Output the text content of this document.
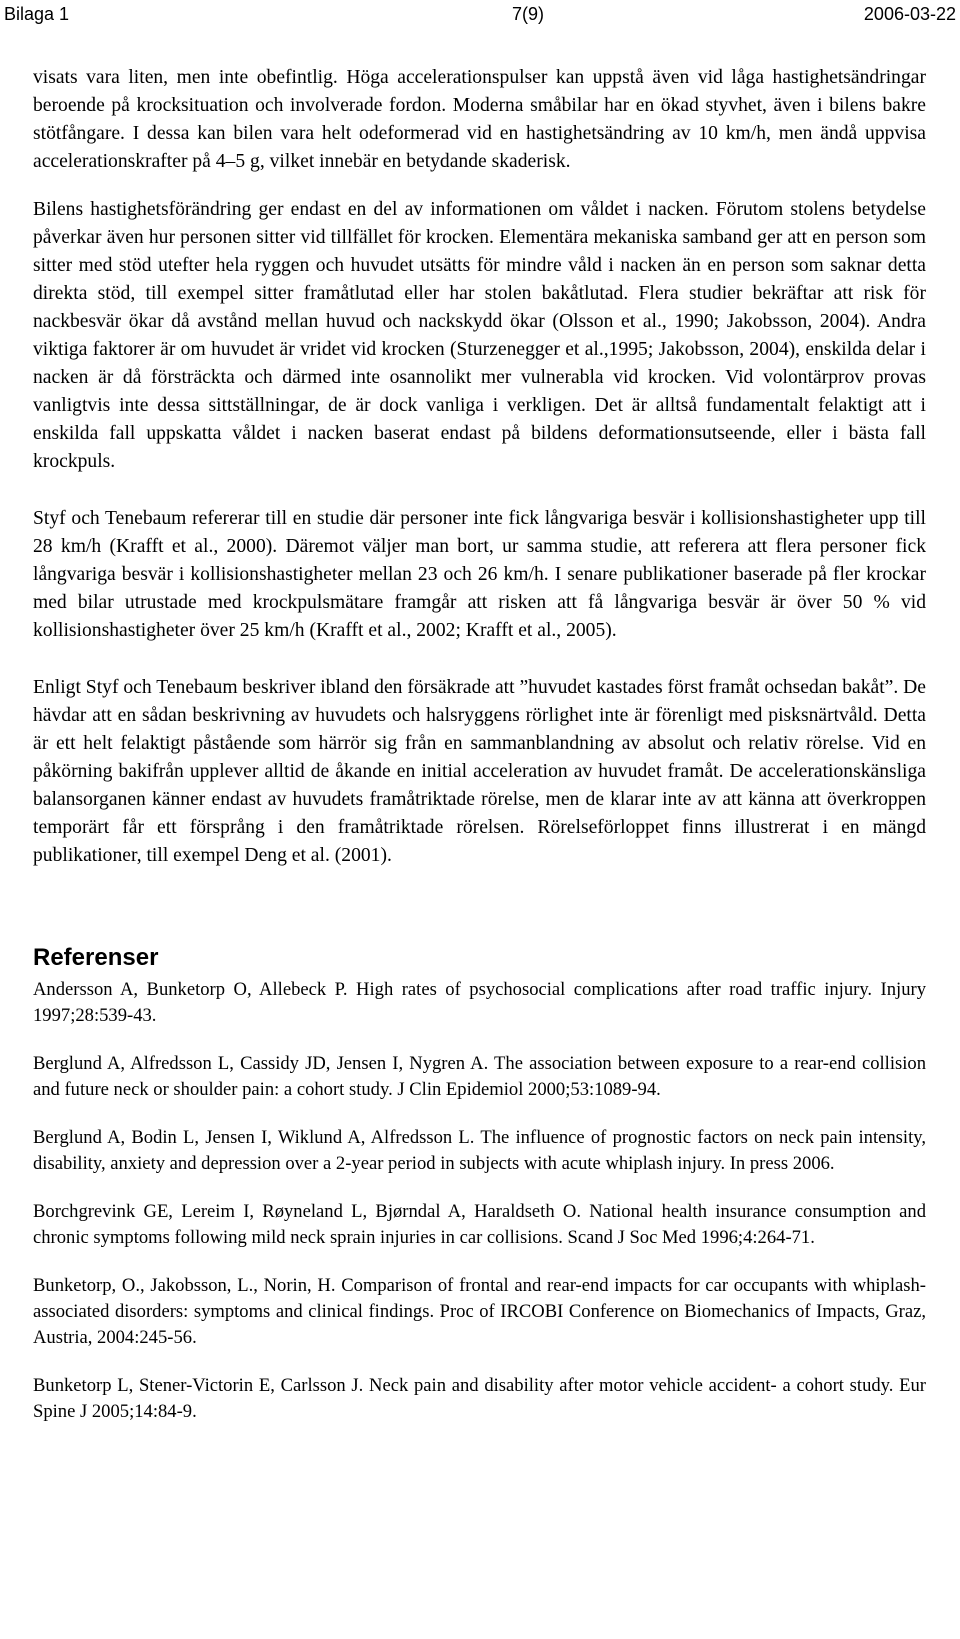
Bilaga 1	7(9)	2006-03-22

visats vara liten, men inte obefintlig. Höga accelerationspulser kan uppstå även vid låga hastighetsändringar beroende på krocksituation och involverade fordon. Moderna småbilar har en ökad styvhet, även i bilens bakre stötfångare. I dessa kan bilen vara helt odeformerad vid en hastighetsändring av 10 km/h, men ändå uppvisa accelerationskrafter på 4–5 g, vilket innebär en betydande skaderisk.

Bilens hastighetsförändring ger endast en del av informationen om våldet i nacken. Förutom stolens betydelse påverkar även hur personen sitter vid tillfället för krocken. Elementära mekaniska samband ger att en person som sitter med stöd utefter hela ryggen och huvudet utsätts för mindre våld i nacken än en person som saknar detta direkta stöd, till exempel sitter framåtlutad eller har stolen bakåtlutad. Flera studier bekräftar att risk för nackbesvär ökar då avstånd mellan huvud och nackskydd ökar (Olsson et al., 1990; Jakobsson, 2004). Andra viktiga faktorer är om huvudet är vridet vid krocken (Sturzenegger et al.,1995; Jakobsson, 2004), enskilda delar i nacken är då försträckta och därmed inte osannolikt mer vulnerabla vid krocken. Vid volontärprov provas vanligtvis inte dessa sittställningar, de är dock vanliga i verkligen. Det är alltså fundamentalt felaktigt att i enskilda fall uppskatta våldet i nacken baserat endast på bildens deformationsutseende, eller i bästa fall krockpuls.

Styf och Tenebaum refererar till en studie där personer inte fick långvariga besvär i kollisionshastigheter upp till 28 km/h (Krafft et al., 2000). Däremot väljer man bort, ur samma studie, att referera att flera personer fick långvariga besvär i kollisionshastigheter mellan 23 och 26 km/h. I senare publikationer baserade på fler krockar med bilar utrustade med krockpulsmätare framgår att risken att få långvariga besvär är över 50 % vid kollisionshastigheter över 25 km/h (Krafft et al., 2002; Krafft et al., 2005).

Enligt Styf och Tenebaum beskriver ibland den försäkrade att ”huvudet kastades först framåt ochsedan bakåt”. De hävdar att en sådan beskrivning av huvudets och halsryggens rörlighet inte är förenligt med pisksnärtvåld. Detta är ett helt felaktigt påstående som härrör sig från en sammanblandning av absolut och relativ rörelse. Vid en påkörning bakifrån upplever alltid de åkande en initial acceleration av huvudet framåt. De accelerationskänsliga balansorganen känner endast av huvudets framåtriktade rörelse, men de klarar inte av att känna att överkroppen temporärt får ett försprång i den framåtriktade rörelsen. Rörelseförloppet finns illustrerat i en mängd publikationer, till exempel Deng et al. (2001).

Referenser

Andersson A, Bunketorp O, Allebeck P. High rates of psychosocial complications after road traffic injury. Injury 1997;28:539-43.

Berglund A, Alfredsson L, Cassidy JD, Jensen I, Nygren A. The association between exposure to a rear-end collision and future neck or shoulder pain: a cohort study. J Clin Epidemiol 2000;53:1089-94.

Berglund A, Bodin L, Jensen I, Wiklund A, Alfredsson L. The influence of prognostic factors on neck pain intensity, disability, anxiety and depression over a 2-year period in subjects with acute whiplash injury. In press 2006.

Borchgrevink GE, Lereim I, Røyneland L, Bjørndal A, Haraldseth O. National health insurance consumption and chronic symptoms following mild neck sprain injuries in car collisions. Scand J Soc Med 1996;4:264-71.

Bunketorp, O., Jakobsson, L., Norin, H. Comparison of frontal and rear-end impacts for car occupants with whiplash-associated disorders: symptoms and clinical findings. Proc of IRCOBI Conference on Biomechanics of Impacts, Graz, Austria, 2004:245-56.

Bunketorp L, Stener-Victorin E, Carlsson J. Neck pain and disability after motor vehicle accident- a cohort study. Eur Spine J 2005;14:84-9.
